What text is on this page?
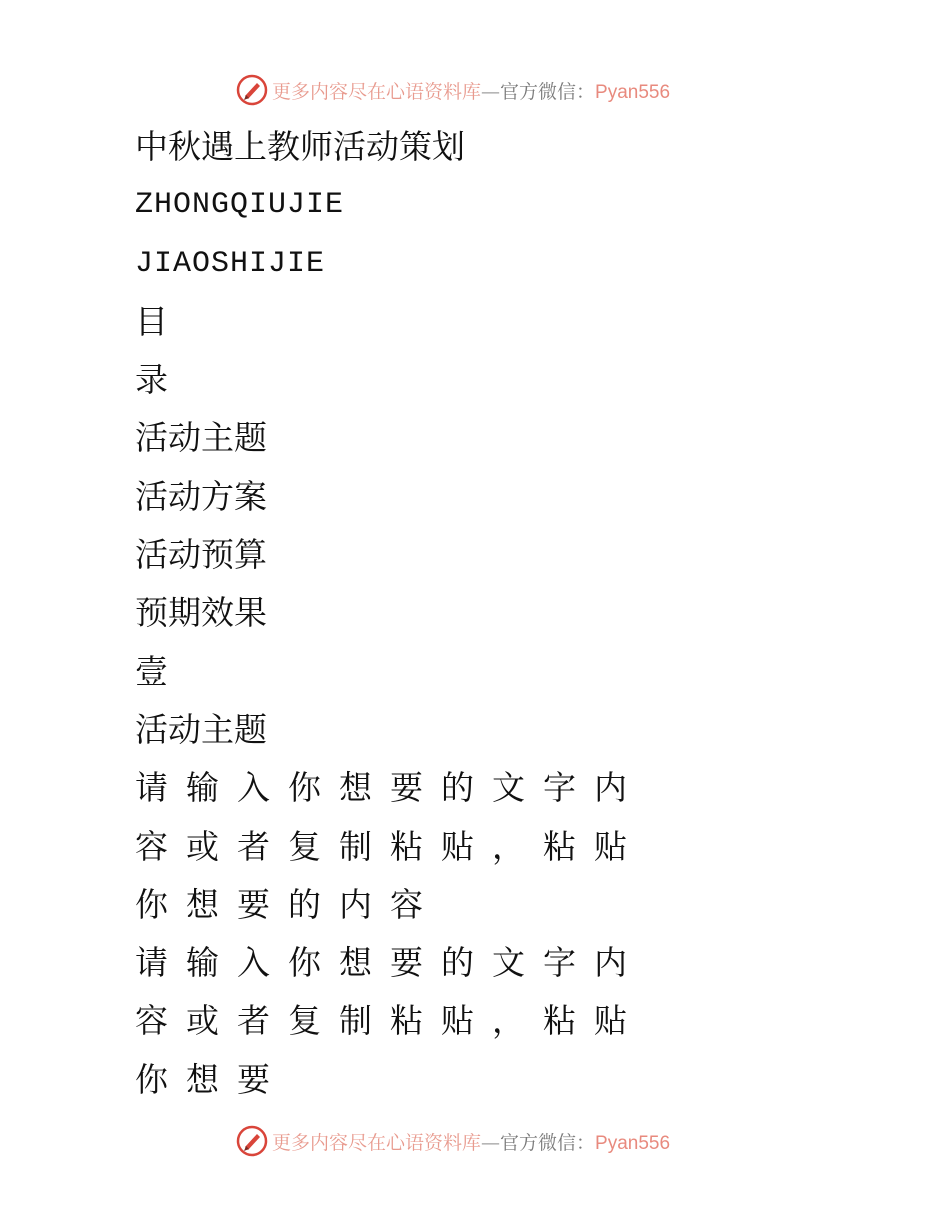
更多内容尽在心语资料库—官方微信：Pyan556
中秋遇上教师活动策划
ZHONGQIUJIE
JIAOSHIJIE
目
录
活动主题
活动方案
活动预算
预期效果
壹
活动主题
请输入你想要的文字内
容或者复制粘贴，粘贴
你想要的内容
请输入你想要的文字内
容或者复制粘贴，粘贴
你想要
更多内容尽在心语资料库—官方微信：Pyan556
